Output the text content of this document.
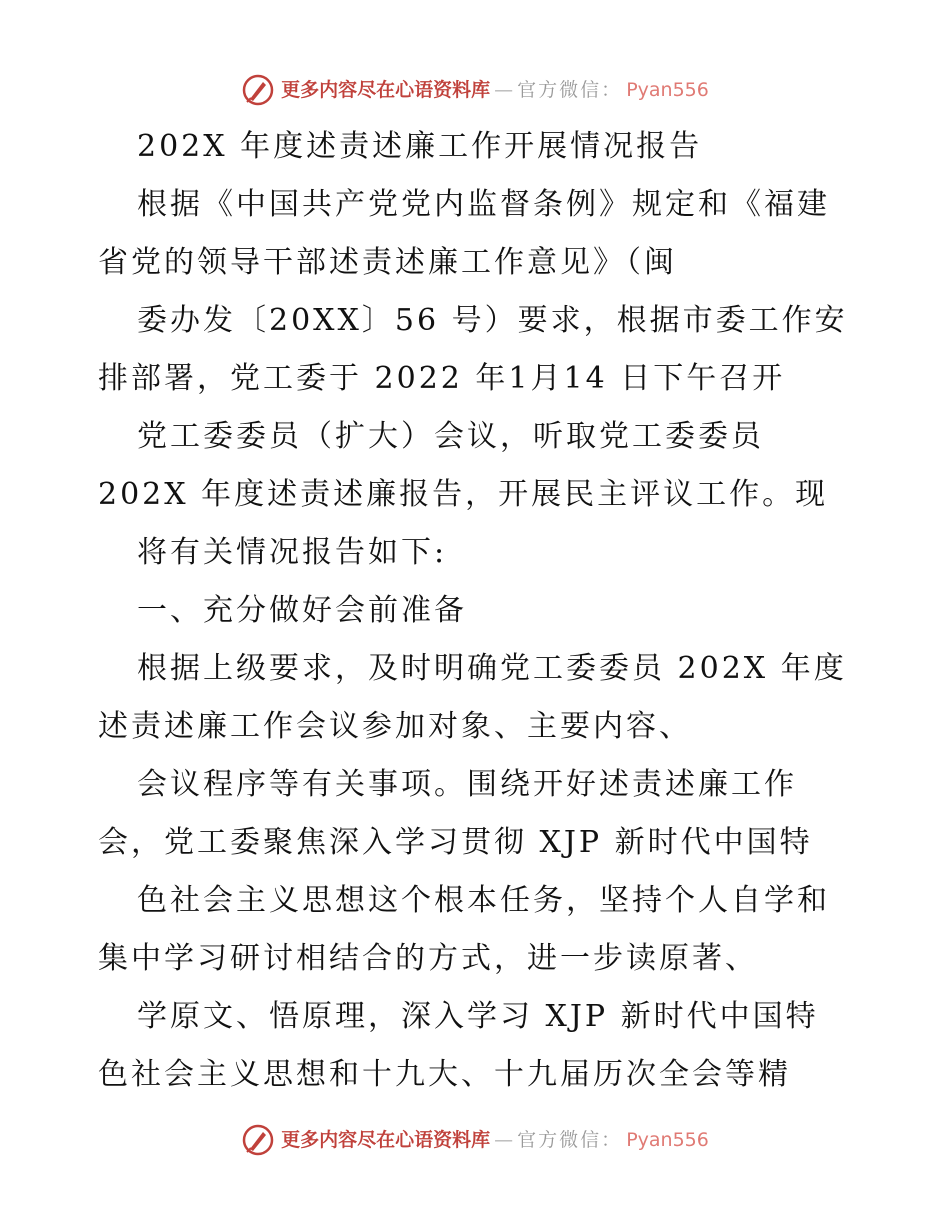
更多内容尽在心语资料库 — 官方微信： Pyan556
202X 年度述责述廉工作开展情况报告
根据《中国共产党党内监督条例》规定和《福建
省党的领导干部述责述廉工作意见》（闽
委办发〔20XX〕56 号）要求，根据市委工作安
排部署，党工委于 2022 年1月14 日下午召开
党工委委员（扩大）会议，听取党工委委员
202X 年度述责述廉报告，开展民主评议工作。现
将有关情况报告如下:
一、充分做好会前准备
根据上级要求，及时明确党工委委员 202X 年度
述责述廉工作会议参加对象、主要内容、
会议程序等有关事项。围绕开好述责述廉工作
会，党工委聚焦深入学习贯彻 XJP 新时代中国特
色社会主义思想这个根本任务，坚持个人自学和
集中学习研讨相结合的方式，进一步读原著、
学原文、悟原理，深入学习 XJP 新时代中国特
色社会主义思想和十九大、十九届历次全会等精
更多内容尽在心语资料库 — 官方微信： Pyan556
